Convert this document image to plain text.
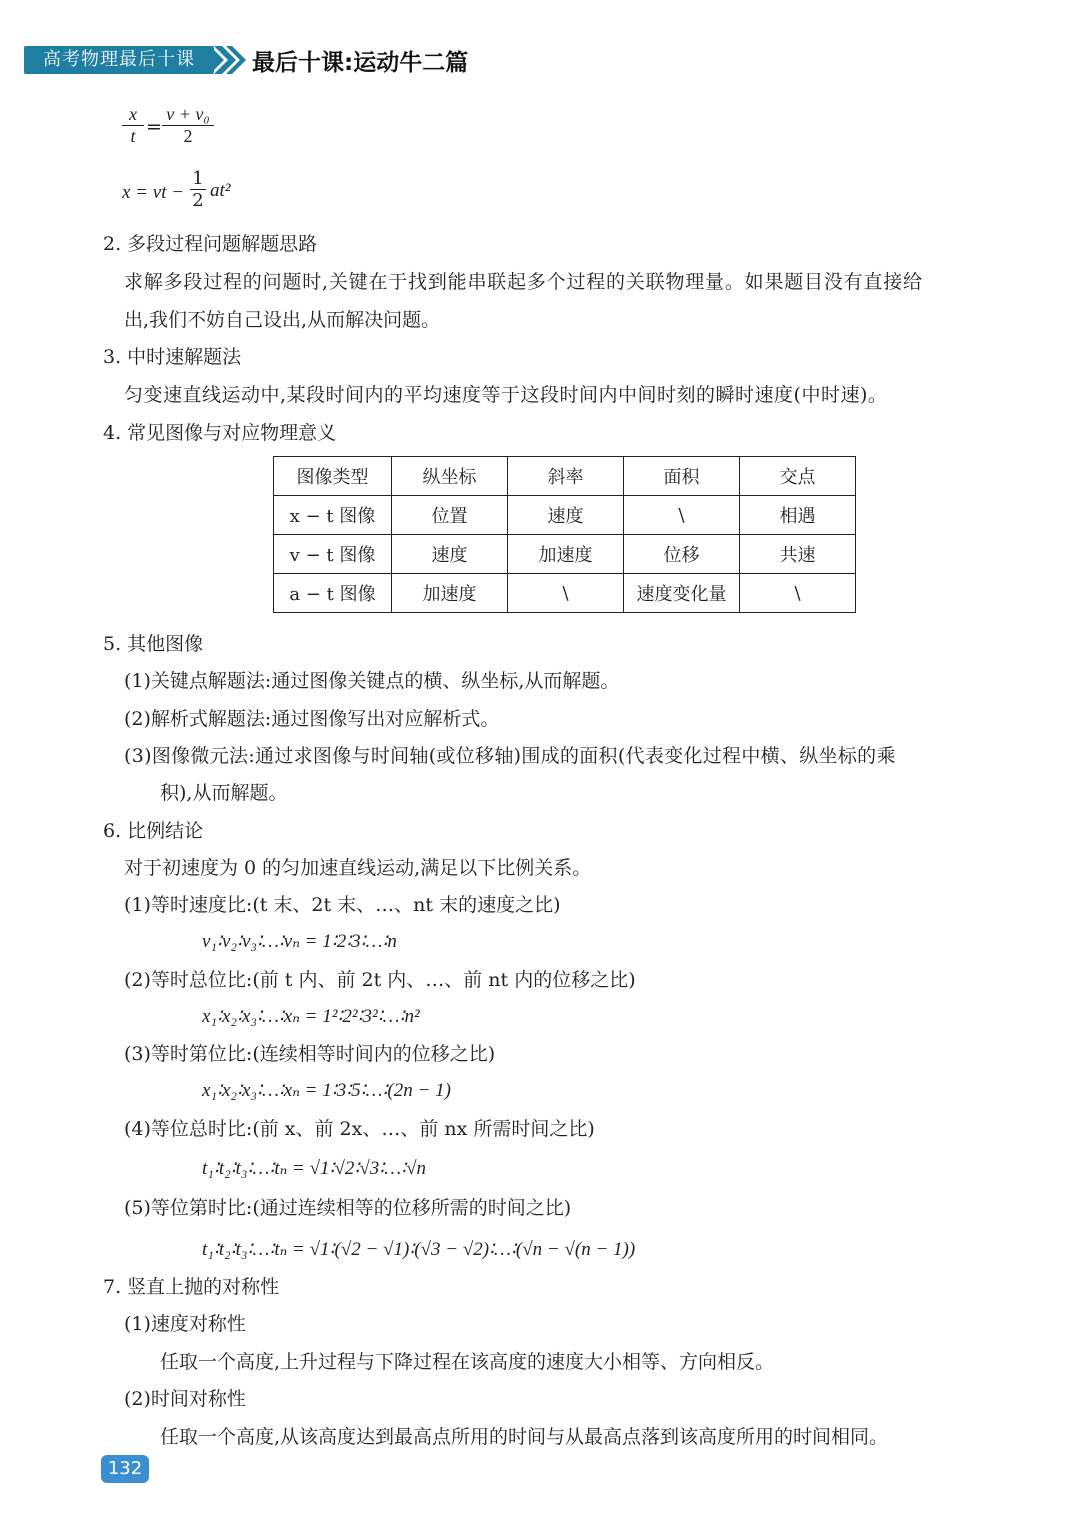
高考物理最后十课	最后十课:运动牛二篇
$\frac{x}{t} = \frac{\text{v + v₀}}{2}$
x = vt − $\frac{1}{2} at^2$
2. 多段过程问题解题思路
求解多段过程的问题时,关键在于找到能串联起多个过程的关联物理量。如果题目没有直接给
出,我们不妨自己设出,从而解决问题。
3. 中时速解题法
匀变速直线运动中,某段时间内的平均速度等于这段时间内中间时刻的瞬时速度(中时速)。
4. 常见图像与对应物理意义
图像类型	纵坐标	斜率	面积	交点
x − t 图像	位置	速度	\	相遇
v − t 图像	速度	加速度	位移	共速
a − t 图像	加速度	\	速度变化量	\
5. 其他图像
(1)关键点解题法:通过图像关键点的横、纵坐标,从而解题。
(2)解析式解题法:通过图像写出对应解析式。
(3)图像微元法:通过求图像与时间轴(或位移轴)围成的面积(代表变化过程中横、纵坐标的乘
积),从而解题。
6. 比例结论
对于初速度为 0 的匀加速直线运动,满足以下比例关系。
(1)等时速度比:(t 末、2t 末、…、nt 末的速度之比)
v₁∶v₂∶v₃∶…∶vₙ = 1∶2∶3∶…∶n
(2)等时总位比:(前 t 内、前 2t 内、…、前 nt 内的位移之比)
x₁∶x₂∶x₃∶…∶xₙ = 1²∶2²∶3²∶…∶n²
(3)等时第位比:(连续相等时间内的位移之比)
x₁∶x₂∶x₃∶…∶xₙ = 1∶3∶5∶…∶(2n − 1)
(4)等位总时比:(前 x、前 2x、…、前 nx 所需时间之比)
t₁∶t₂∶t₃∶…∶tₙ = √1∶√2∶√3∶…∶√n
(5)等位第时比:(通过连续相等的位移所需的时间之比)
t₁∶t₂∶t₃∶…∶tₙ = √1∶(√2 − √1)∶(√3 − √2)∶…∶(√n − √(n − 1))
7. 竖直上抛的对称性
(1)速度对称性
任取一个高度,上升过程与下降过程在该高度的速度大小相等、方向相反。
(2)时间对称性
任取一个高度,从该高度达到最高点所用的时间与从最高点落到该高度所用的时间相同。
132
